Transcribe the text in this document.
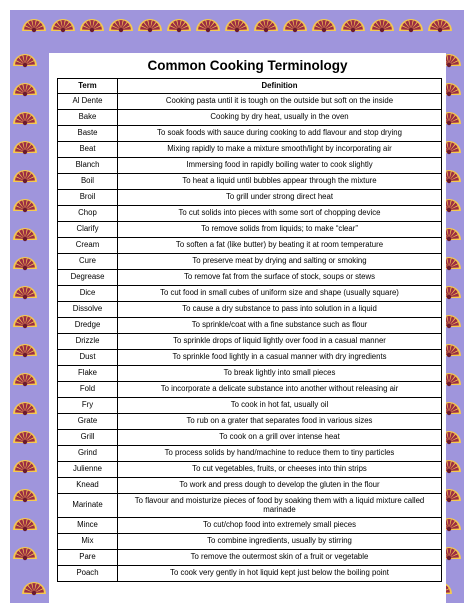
Common Cooking Terminology
Term	Definition
Al Dente	Cooking pasta until it is tough on the outside but soft on the inside
Bake	Cooking by dry heat, usually in the oven
Baste	To soak foods with sauce during cooking to add flavour and stop drying
Beat	Mixing rapidly to make a mixture smooth/light by incorporating air
Blanch	Immersing food in rapidly boiling water to cook slightly
Boil	To heat a liquid until bubbles appear through the mixture
Broil	To grill under strong direct heat
Chop	To cut solids into pieces with some sort of chopping device
Clarify	To remove solids from liquids; to make “clear”
Cream	To soften a fat (like butter) by beating it at room temperature
Cure	To preserve meat by drying and salting or smoking
Degrease	To remove fat from the surface of stock, soups or stews
Dice	To cut food in small cubes of uniform size and shape (usually square)
Dissolve	To cause a dry substance to pass into solution in a liquid
Dredge	To sprinkle/coat with a fine substance such as flour
Drizzle	To sprinkle drops of liquid lightly over food in a casual manner
Dust	To sprinkle food lightly in a casual manner with dry ingredients
Flake	To break lightly into small pieces
Fold	To incorporate a delicate substance into another without releasing air
Fry	To cook in hot fat, usually oil
Grate	To rub on a grater that separates food in various sizes
Grill	To cook on a grill over intense heat
Grind	To process solids by hand/machine to reduce them to tiny particles
Julienne	To cut vegetables, fruits, or cheeses into thin strips
Knead	To work and press dough to develop the gluten in the flour
Marinate	To flavour and moisturize pieces of food by soaking them with a liquid mixture called marinade
Mince	To cut/chop food into extremely small pieces
Mix	To combine ingredients, usually by stirring
Pare	To remove the outermost skin of a fruit or vegetable
Poach	To cook very gently in hot liquid kept just below the boiling point
